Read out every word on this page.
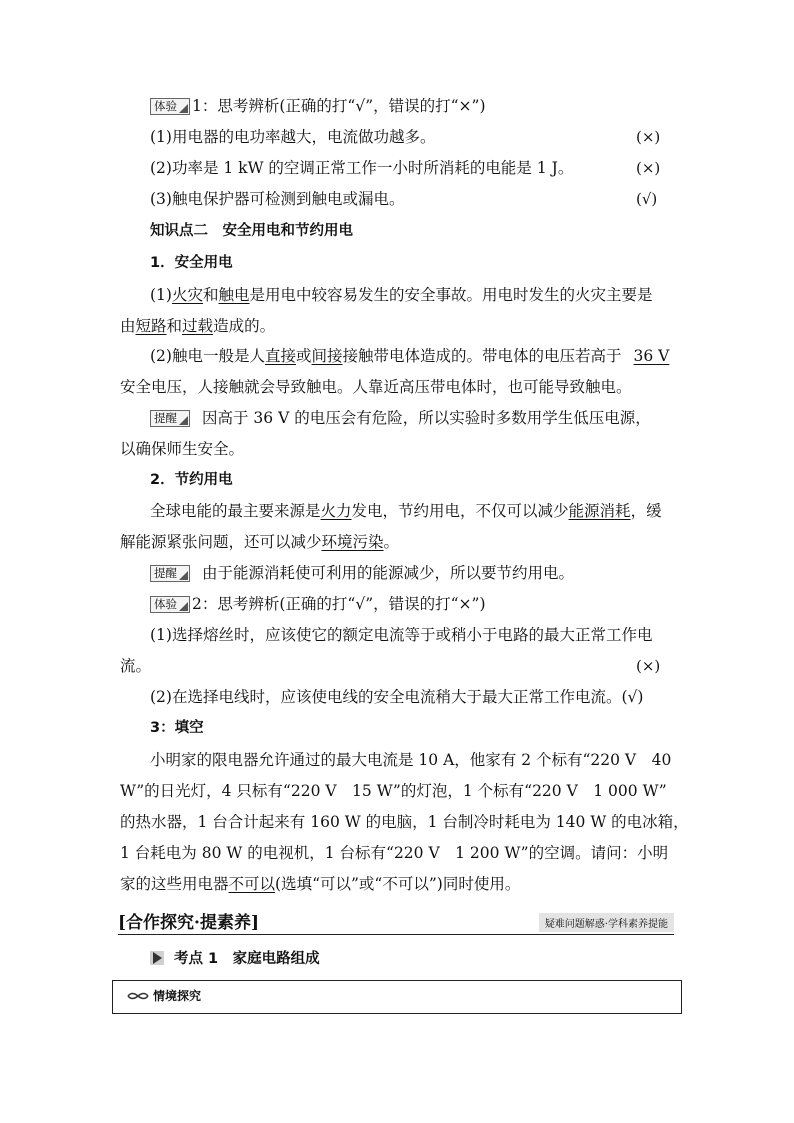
体验 1：思考辨析(正确的打“√”，错误的打“×”)
(1)用电器的电功率越大，电流做功越多。	(×)
(2)功率是 1 kW 的空调正常工作一小时所消耗的电能是 1 J。	(×)
(3)触电保护器可检测到触电或漏电。	(√)
知识点二　安全用电和节约用电
1．安全用电
(1)火灾和触电是用电中较容易发生的安全事故。用电时发生的火灾主要是
由短路和过载造成的。
(2)触电一般是人直接或间接接触带电体造成的。带电体的电压若高于 36 V
安全电压，人接触就会导致触电。人靠近高压带电体时，也可能导致触电。
提醒 因高于 36 V 的电压会有危险，所以实验时多数用学生低压电源，
以确保师生安全。
2．节约用电
全球电能的最主要来源是火力发电，节约用电，不仅可以减少能源消耗，缓
解能源紧张问题，还可以减少环境污染。
提醒 由于能源消耗使可利用的能源减少，所以要节约用电。
体验 2：思考辨析(正确的打“√”，错误的打“×”)
(1)选择熔丝时，应该使它的额定电流等于或稍小于电路的最大正常工作电
流。	(×)
(2)在选择电线时，应该使电线的安全电流稍大于最大正常工作电流。(√)
3：填空
小明家的限电器允许通过的最大电流是 10 A，他家有 2 个标有“220 V　40
W”的日光灯，4 只标有“220 V　15 W”的灯泡，1 个标有“220 V　1 000 W”
的热水器，1 台合计起来有 160 W 的电脑，1 台制冷时耗电为 140 W 的电冰箱，
1 台耗电为 80 W 的电视机，1 台标有“220 V　1 200 W”的空调。请问：小明
家的这些用电器不可以(选填“可以”或“不可以”)同时使用。
[合作探究·提素养]	疑难问题解惑·学科素养提能
考点 1　家庭电路组成
情境探究
